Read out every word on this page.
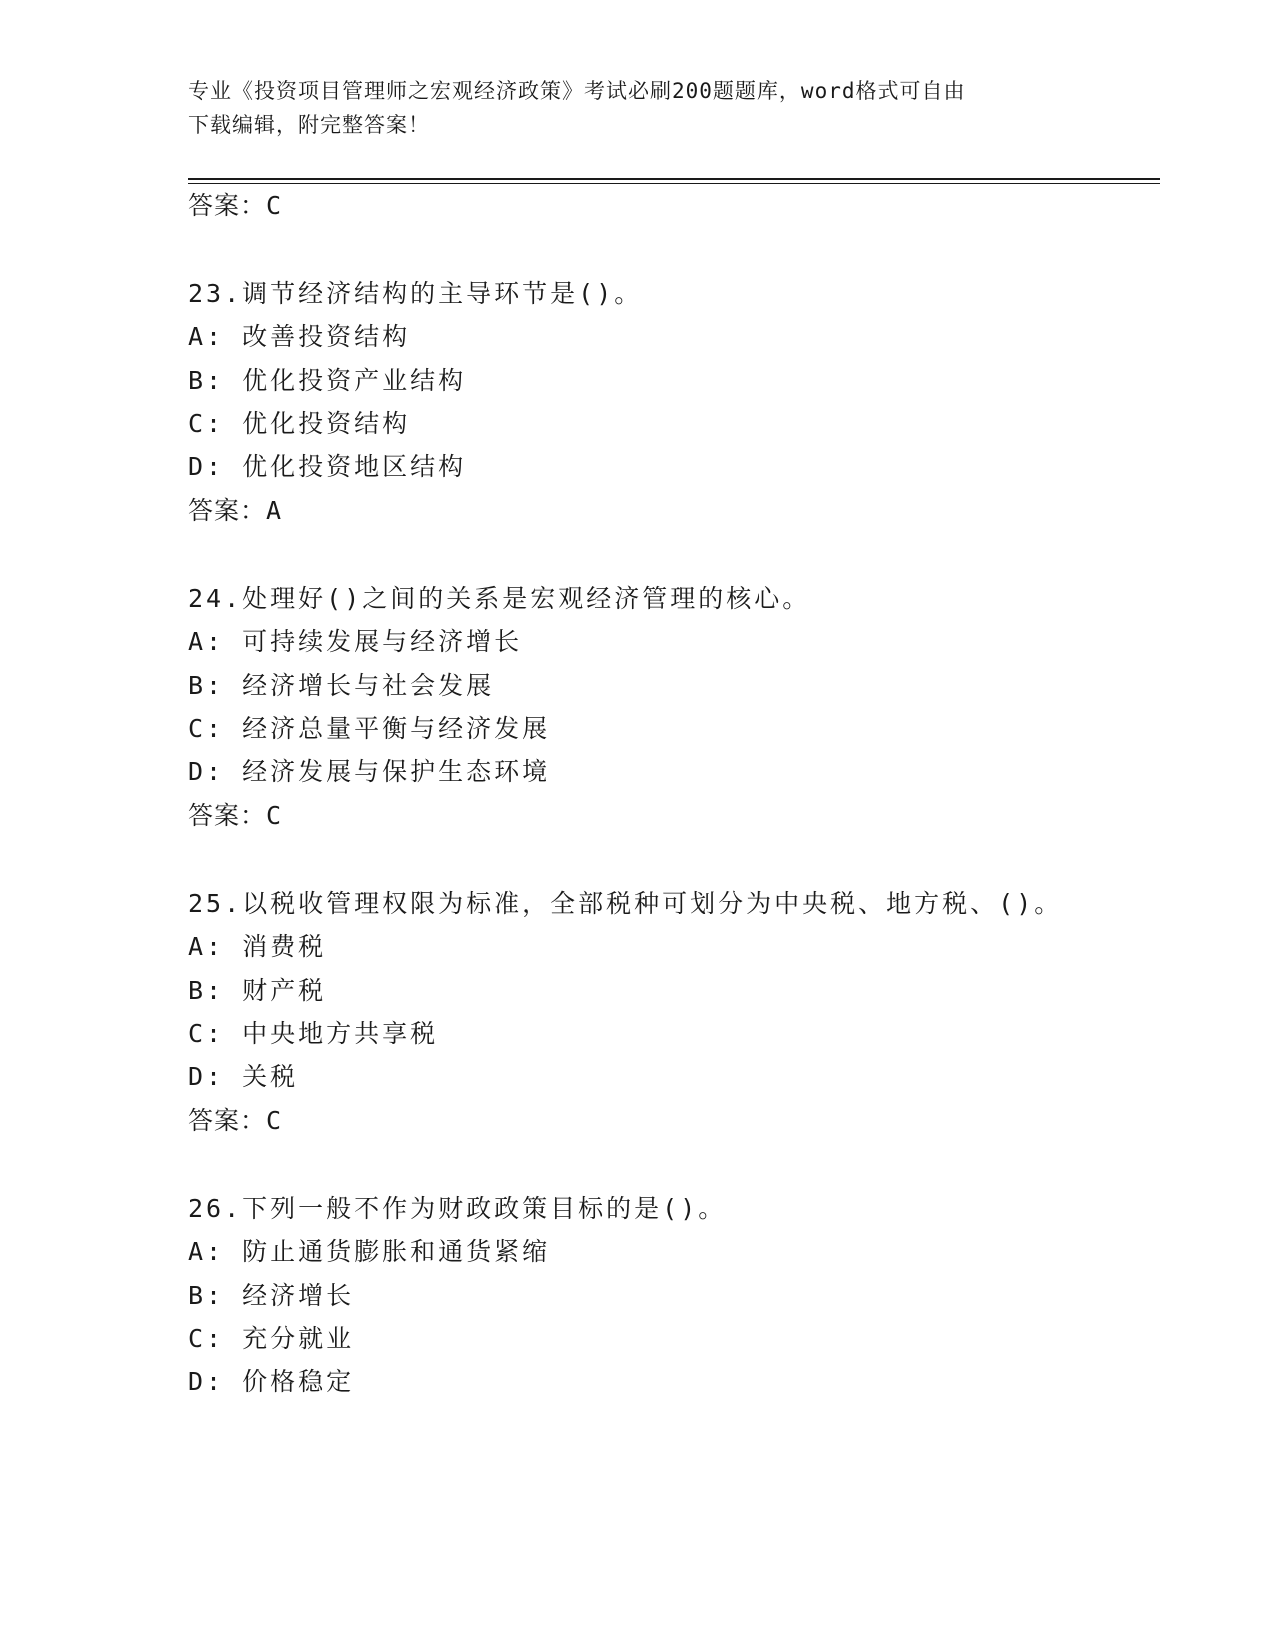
专业《投资项目管理师之宏观经济政策》考试必刷200题题库，word格式可自由
下载编辑，附完整答案！
答案：C
23.调节经济结构的主导环节是()。
A: 改善投资结构
B: 优化投资产业结构
C: 优化投资结构
D: 优化投资地区结构
答案：A
24.处理好()之间的关系是宏观经济管理的核心。
A: 可持续发展与经济增长
B: 经济增长与社会发展
C: 经济总量平衡与经济发展
D: 经济发展与保护生态环境
答案：C
25.以税收管理权限为标准，全部税种可划分为中央税、地方税、()。
A: 消费税
B: 财产税
C: 中央地方共享税
D: 关税
答案：C
26.下列一般不作为财政政策目标的是()。
A: 防止通货膨胀和通货紧缩
B: 经济增长
C: 充分就业
D: 价格稳定
